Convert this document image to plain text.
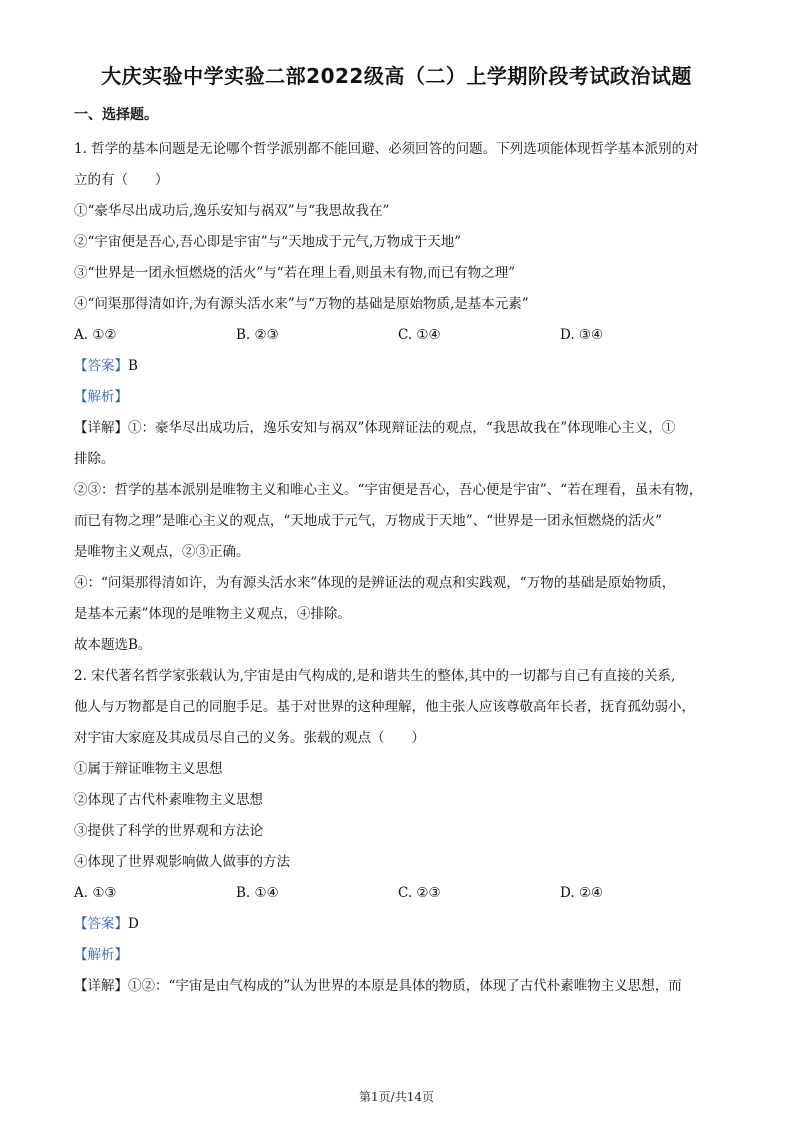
大庆实验中学实验二部2022级高（二）上学期阶段考试政治试题
一、选择题。
1. 哲学的基本问题是无论哪个哲学派别都不能回避、必须回答的问题。下列选项能体现哲学基本派别的对
立的有（　　）
①“豪华尽出成功后,逸乐安知与祸双”与“我思故我在”
②“宇宙便是吾心,吾心即是宇宙”与“天地成于元气,万物成于天地”
③“世界是一团永恒燃烧的活火”与“若在理上看,则虽未有物,而已有物之理”
④“问渠那得清如许,为有源头活水来”与“万物的基础是原始物质,是基本元素”
A. ①②	B. ②③	C. ①④	D. ③④
【答案】B
【解析】
【详解】①：豪华尽出成功后，逸乐安知与祸双”体现辩证法的观点，“我思故我在”体现唯心主义，①
排除。
②③：哲学的基本派别是唯物主义和唯心主义。“宇宙便是吾心，吾心便是宇宙”、“若在理看，虽未有物，
而已有物之理”是唯心主义的观点，“天地成于元气，万物成于天地”、“世界是一团永恒燃烧的活火”
是唯物主义观点，②③正确。
④：“问渠那得清如许，为有源头活水来”体现的是辨证法的观点和实践观，“万物的基础是原始物质，
是基本元素”体现的是唯物主义观点，④排除。
故本题选B。
2. 宋代著名哲学家张载认为,宇宙是由气构成的,是和谐共生的整体,其中的一切都与自己有直接的关系,
他人与万物都是自己的同胞手足。基于对世界的这种理解，他主张人应该尊敬高年长者，抚育孤幼弱小，
对宇宙大家庭及其成员尽自己的义务。张载的观点（　　）
①属于辩证唯物主义思想
②体现了古代朴素唯物主义思想
③提供了科学的世界观和方法论
④体现了世界观影响做人做事的方法
A. ①③	B. ①④	C. ②③	D. ②④
【答案】D
【解析】
【详解】①②：“宇宙是由气构成的”认为世界的本原是具体的物质，体现了古代朴素唯物主义思想，而
第1页/共14页
